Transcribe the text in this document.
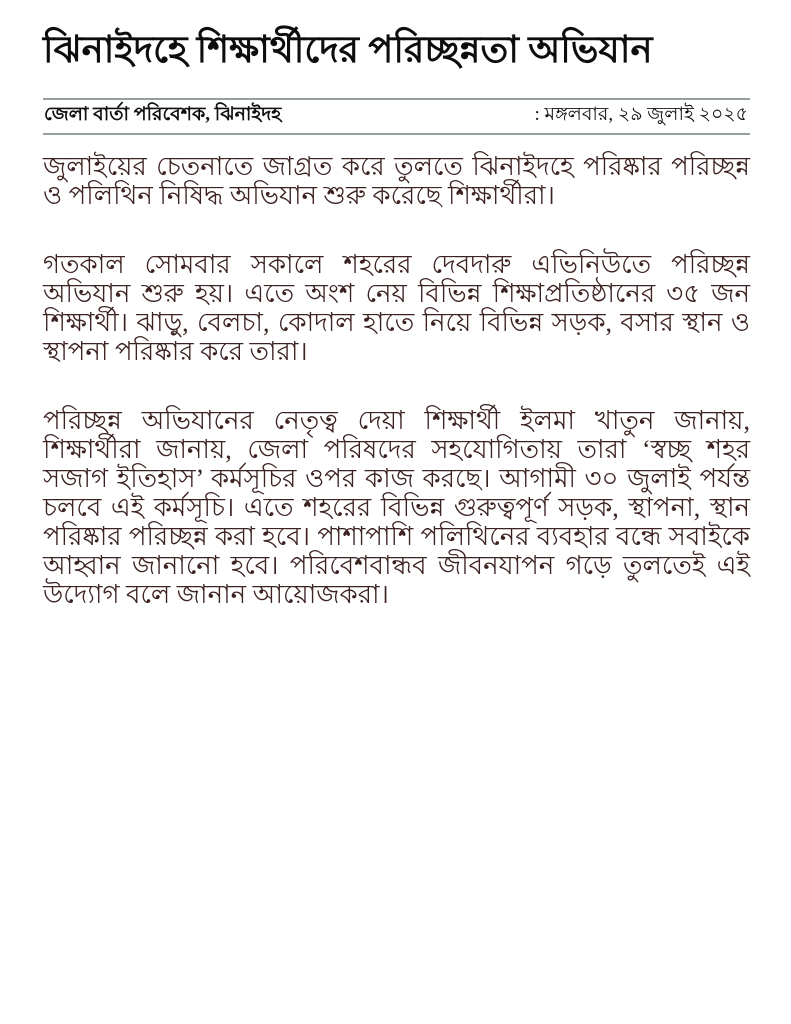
ঝিনাইদহে শিক্ষার্থীদের পরিচ্ছন্নতা অভিযান
জেলা বার্তা পরিবেশক, ঝিনাইদহ	: মঙ্গলবার, ২৯ জুলাই ২০২৫

জুলাইয়ের চেতনাতে জাগ্রত করে তুলতে ঝিনাইদহে পরিষ্কার পরিচ্ছন্ন ও পলিথিন নিষিদ্ধ অভিযান শুরু করেছে শিক্ষার্থীরা।

গতকাল সোমবার সকালে শহরের দেবদারু এভিনিউতে পরিচ্ছন্ন অভিযান শুরু হয়। এতে অংশ নেয় বিভিন্ন শিক্ষাপ্রতিষ্ঠানের ৩৫ জন শিক্ষার্থী। ঝাড়ু, বেলচা, কোদাল হাতে নিয়ে বিভিন্ন সড়ক, বসার স্থান ও স্থাপনা পরিষ্কার করে তারা।

পরিচ্ছন্ন অভিযানের নেতৃত্ব দেয়া শিক্ষার্থী ইলমা খাতুন জানায়, শিক্ষার্থীরা জানায়, জেলা পরিষদের সহযোগিতায় তারা ‘স্বচ্ছ শহর সজাগ ইতিহাস’ কর্মসূচির ওপর কাজ করছে। আগামী ৩০ জুলাই পর্যন্ত চলবে এই কর্মসূচি। এতে শহরের বিভিন্ন গুরুত্বপূর্ণ সড়ক, স্থাপনা, স্থান পরিষ্কার পরিচ্ছন্ন করা হবে। পাশাপাশি পলিথিনের ব্যবহার বন্ধে সবাইকে আহ্বান জানানো হবে। পরিবেশবান্ধব জীবনযাপন গড়ে তুলতেই এই উদ্যোগ বলে জানান আয়োজকরা।
